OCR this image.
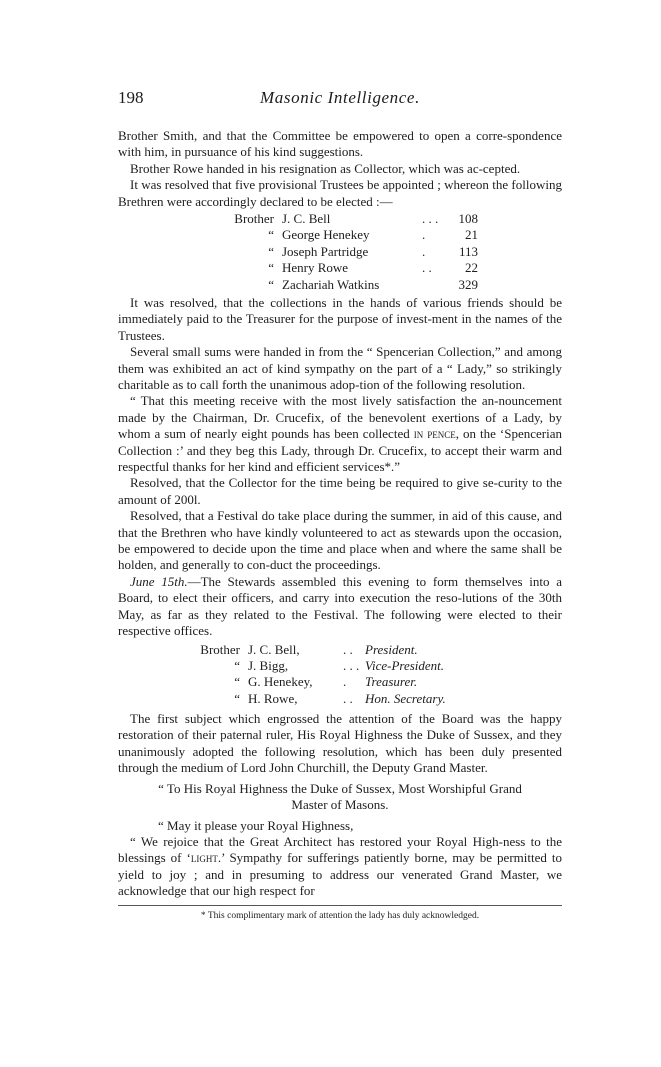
198	Masonic Intelligence.

Brother Smith, and that the Committee be empowered to open a corre-spondence with him, in pursuance of his kind suggestions.

Brother Rowe handed in his resignation as Collector, which was ac-cepted.

It was resolved that five provisional Trustees be appointed ; whereon the following Brethren were accordingly declared to be elected :—

Brother J. C. Bell	. . .	108
“ George Henekey	.	21
“ Joseph Partridge	.	113
“ Henry Rowe	. .	22
“ Zachariah Watkins	329

It was resolved, that the collections in the hands of various friends should be immediately paid to the Treasurer for the purpose of invest-ment in the names of the Trustees.

Several small sums were handed in from the “ Spencerian Collection,” and among them was exhibited an act of kind sympathy on the part of a “ Lady,” so strikingly charitable as to call forth the unanimous adop-tion of the following resolution.

“ That this meeting receive with the most lively satisfaction the an-nouncement made by the Chairman, Dr. Crucefix, of the benevolent exertions of a Lady, by whom a sum of nearly eight pounds has been collected in pence, on the ‘Spencerian Collection :’ and they beg this Lady, through Dr. Crucefix, to accept their warm and respectful thanks for her kind and efficient services*.”

Resolved, that the Collector for the time being be required to give se-curity to the amount of 200l.

Resolved, that a Festival do take place during the summer, in aid of this cause, and that the Brethren who have kindly volunteered to act as stewards upon the occasion, be empowered to decide upon the time and place when and where the same shall be holden, and generally to con-duct the proceedings.

June 15th.—The Stewards assembled this evening to form themselves into a Board, to elect their officers, and carry into execution the reso-lutions of the 30th May, as far as they related to the Festival. The following were elected to their respective offices.

Brother J. C. Bell,	. . President.
“ J. Bigg,	. . . Vice-President.
“ G. Henekey,	.	Treasurer.
“ H. Rowe,	. . Hon. Secretary.

The first subject which engrossed the attention of the Board was the happy restoration of their paternal ruler, His Royal Highness the Duke of Sussex, and they unanimously adopted the following resolution, which has been duly presented through the medium of Lord John Churchill, the Deputy Grand Master.

“ To His Royal Highness the Duke of Sussex, Most Worshipful Grand

Master of Masons.

“ May it please your Royal Highness,

“ We rejoice that the Great Architect has restored your Royal High-ness to the blessings of ‘light.’ Sympathy for sufferings patiently borne, may be permitted to yield to joy ; and in presuming to address our venerated Grand Master, we acknowledge that our high respect for

* This complimentary mark of attention the lady has duly acknowledged.
